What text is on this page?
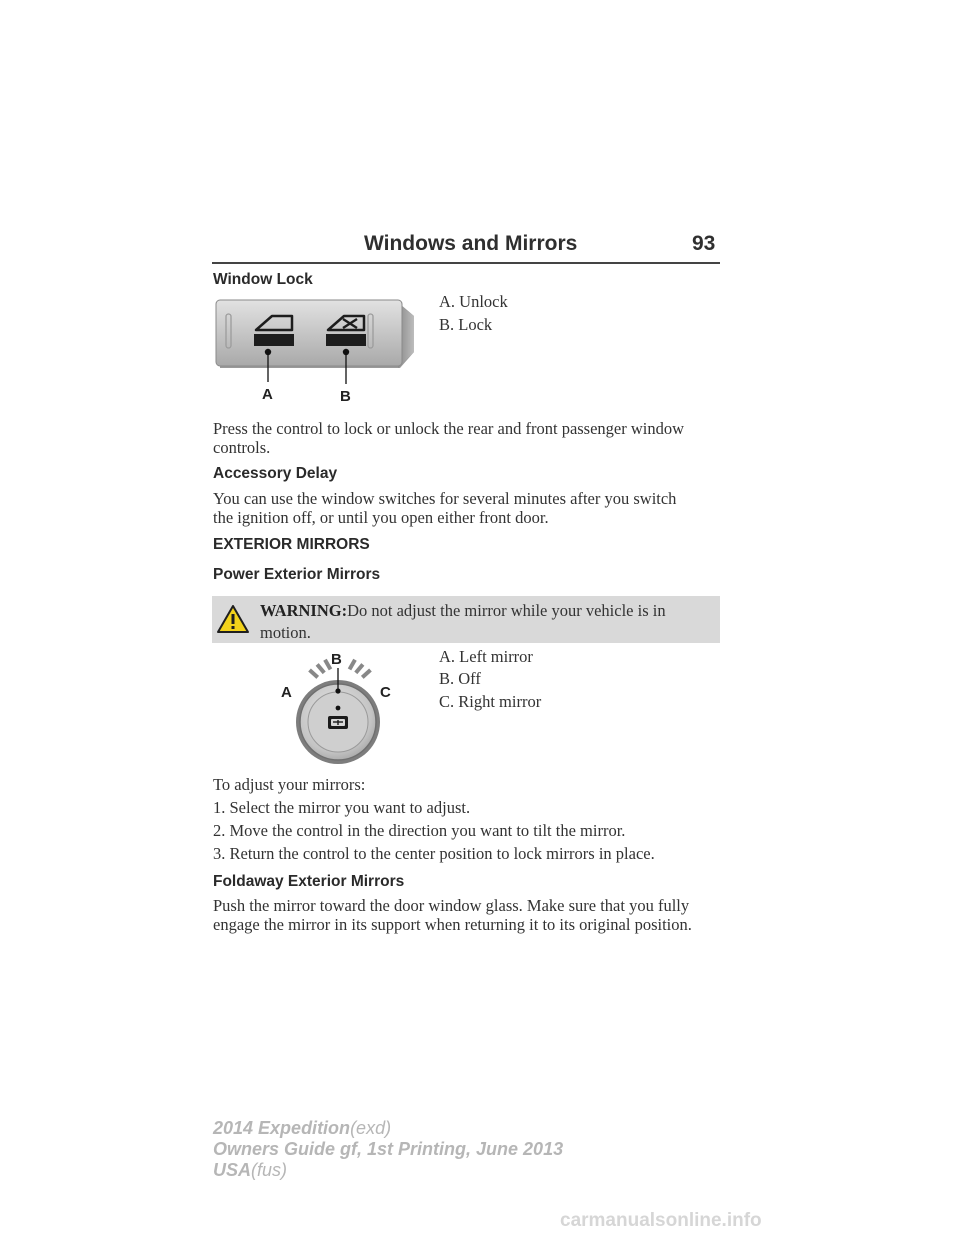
Windows and Mirrors	93
Window Lock
A	B
A. Unlock
B. Lock
Press the control to lock or unlock the rear and front passenger window
controls.
Accessory Delay
You can use the window switches for several minutes after you switch
the ignition off, or until you open either front door.
EXTERIOR MIRRORS
Power Exterior Mirrors
WARNING:Do not adjust the mirror while your vehicle is in motion.
B
A	C
A. Left mirror
B. Off
C. Right mirror
To adjust your mirrors:
1. Select the mirror you want to adjust.
2. Move the control in the direction you want to tilt the mirror.
3. Return the control to the center position to lock mirrors in place.
Foldaway Exterior Mirrors
Push the mirror toward the door window glass. Make sure that you fully
engage the mirror in its support when returning it to its original position.
2014 Expedition(exd)
Owners Guide gf, 1st Printing, June 2013
USA(fus)
carmanualsonline.info
